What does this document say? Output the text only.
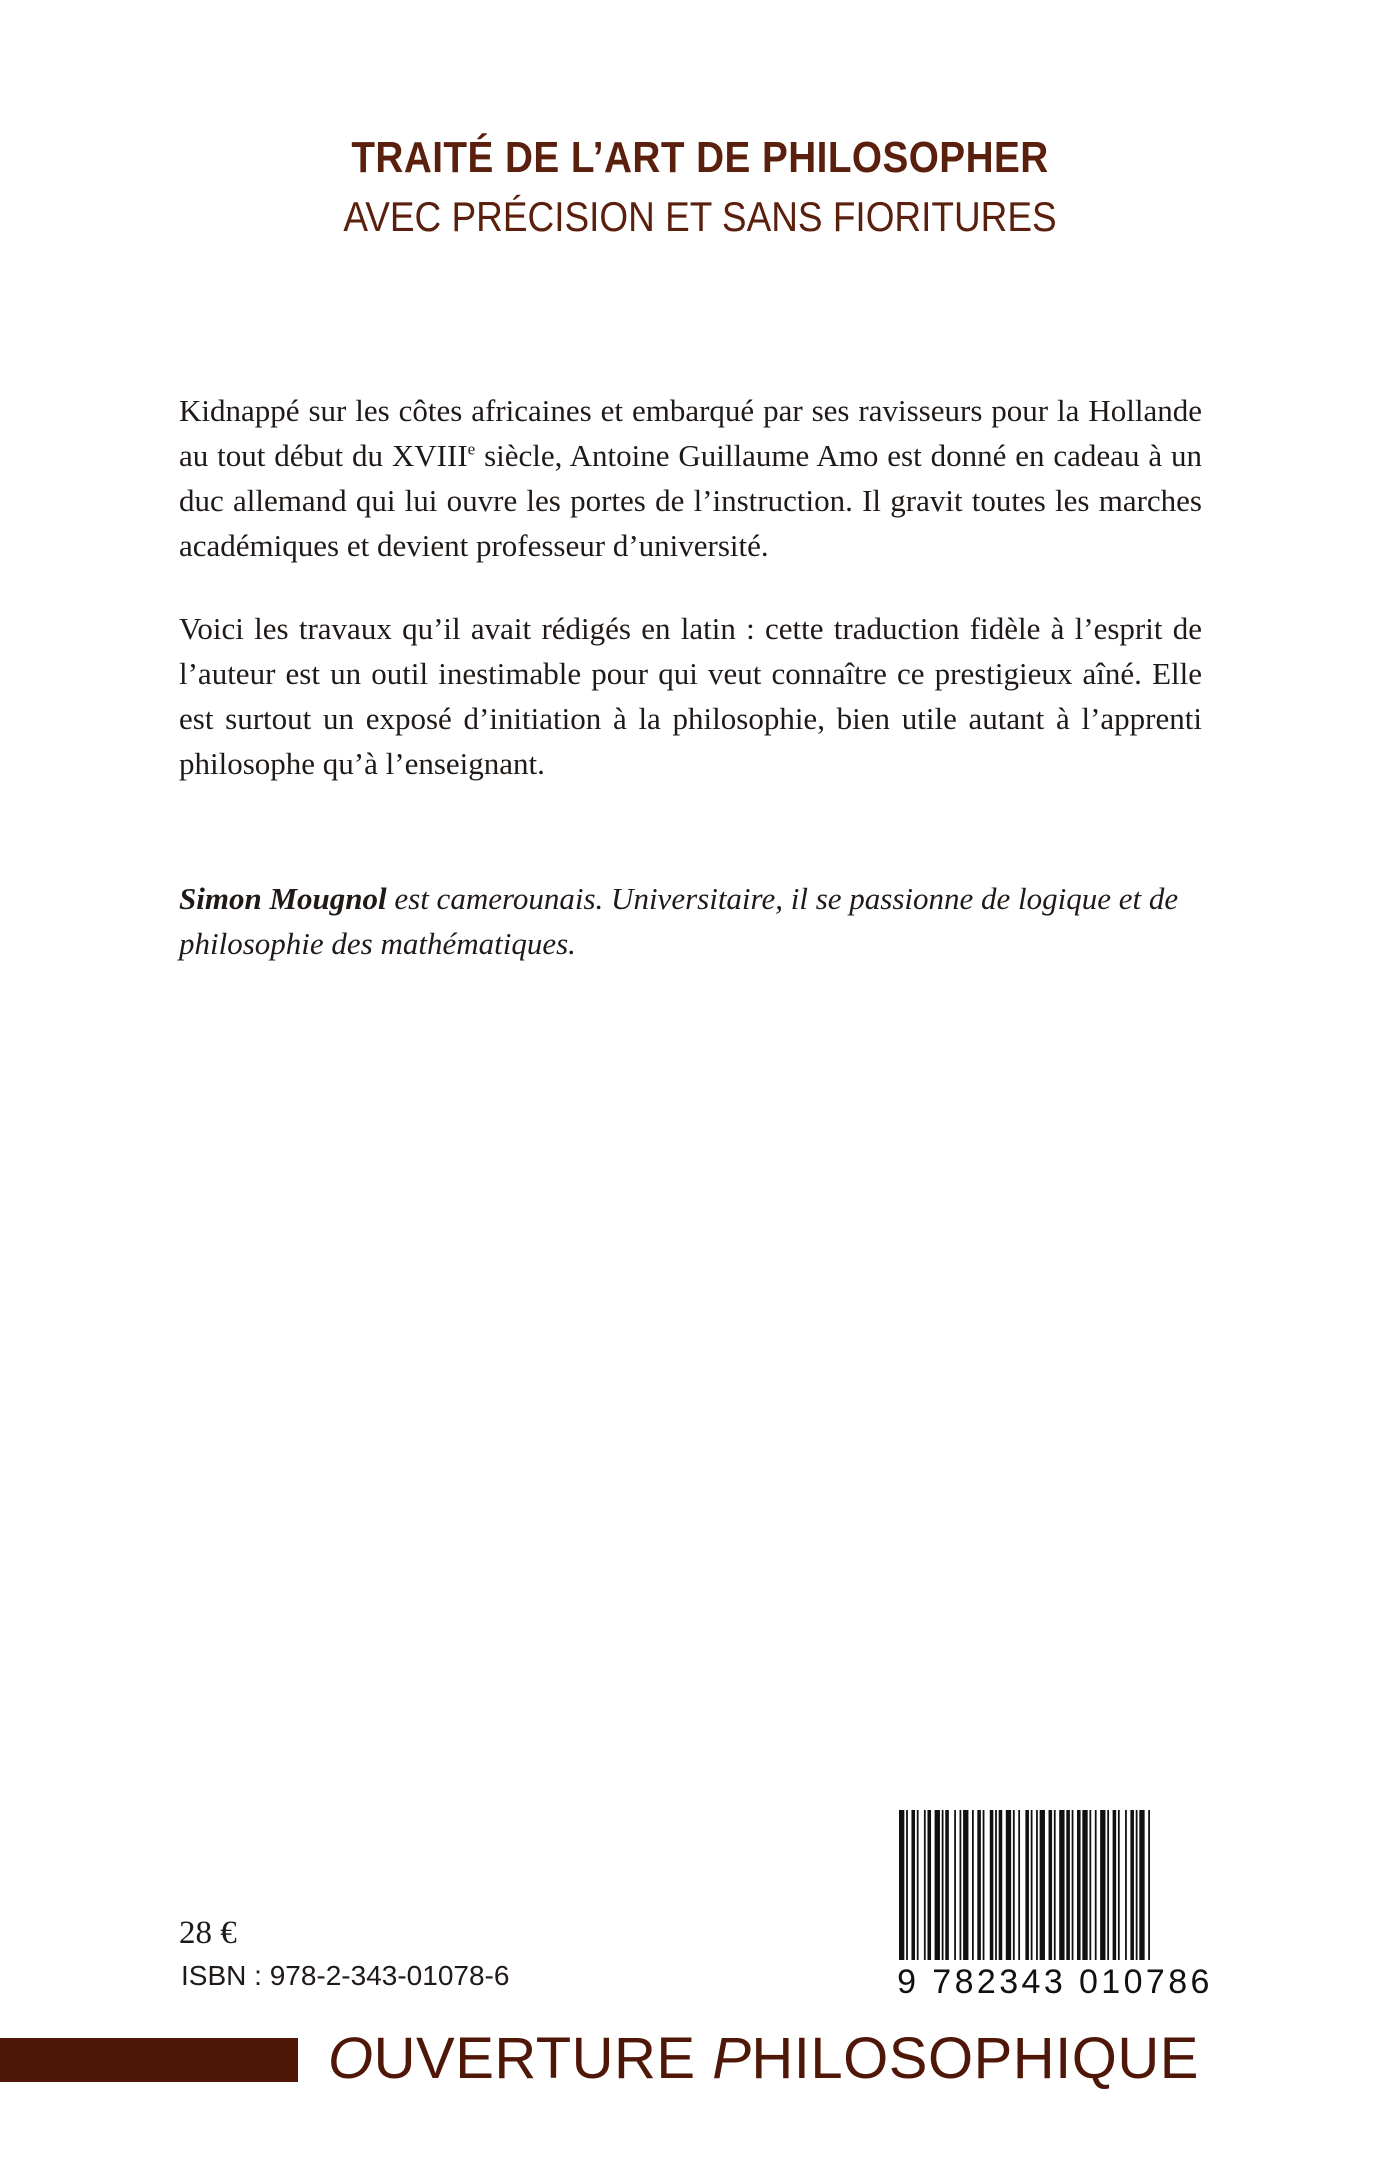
TRAITÉ DE L’ART DE PHILOSOPHER
AVEC PRÉCISION ET SANS FIORITURES

Kidnappé sur les côtes africaines et embarqué par ses ravisseurs pour la Hollande au tout début du XVIIIe siècle, Antoine Guillaume Amo est donné en cadeau à un duc allemand qui lui ouvre les portes de l’instruction. Il gravit toutes les marches académiques et devient professeur d’université.

Voici les travaux qu’il avait rédigés en latin : cette traduction fidèle à l’esprit de l’auteur est un outil inestimable pour qui veut connaître ce prestigieux aîné. Elle est surtout un exposé d’initiation à la philosophie, bien utile autant à l’apprenti philosophe qu’à l’enseignant.

Simon Mougnol est camerounais. Universitaire, il se passionne de logique et de philosophie des mathématiques.
28 €
ISBN : 978-2-343-01078-6	9 782343 010786
OUVERTURE PHILOSOPHIQUE
